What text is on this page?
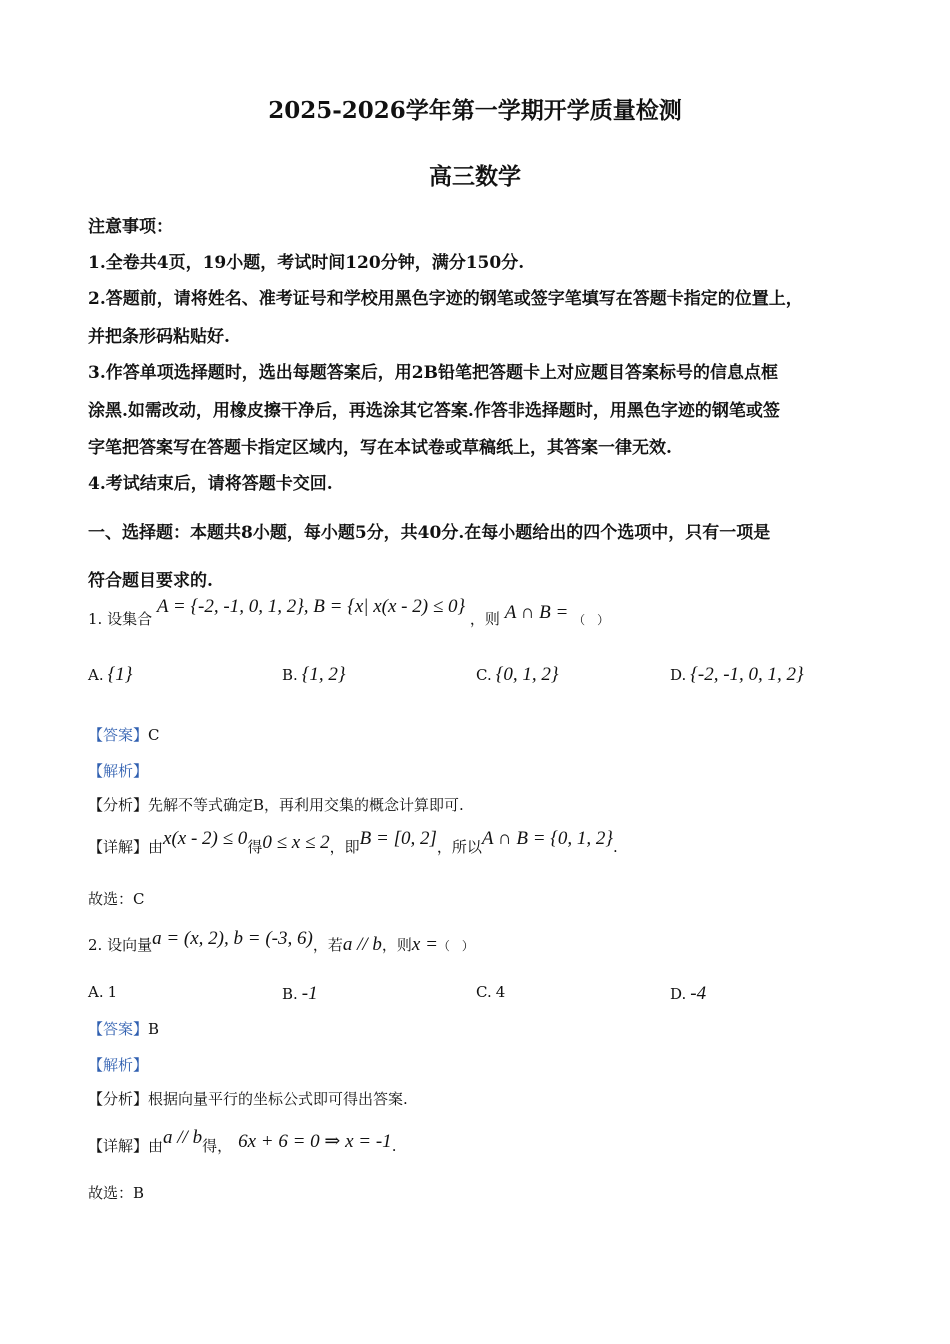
2025-2026学年第一学期开学质量检测
高三数学
注意事项：
1.全卷共4页，19小题，考试时间120分钟，满分150分.
2.答题前，请将姓名、准考证号和学校用黑色字迹的钢笔或签字笔填写在答题卡指定的位置上，
并把条形码粘贴好.
3.作答单项选择题时，选出每题答案后，用2B铅笔把答题卡上对应题目答案标号的信息点框
涂黑.如需改动，用橡皮擦干净后，再选涂其它答案.作答非选择题时，用黑色字迹的钢笔或签
字笔把答案写在答题卡指定区域内，写在本试卷或草稿纸上，其答案一律无效.
4.考试结束后，请将答题卡交回.
一、选择题：本题共8小题，每小题5分，共40分.在每小题给出的四个选项中，只有一项是
符合题目要求的.
1. 设集合 A = {-2, -1, 0, 1, 2}, B = {x| x(x - 2) ≤ 0} ，则 A ∩ B = （　）
A. {1}	B. {1, 2}	C. {0, 1, 2}	D. {-2, -1, 0, 1, 2}
【答案】C
【解析】
【分析】先解不等式确定B，再利用交集的概念计算即可.
【详解】由x(x - 2) ≤ 0得0 ≤ x ≤ 2，即B = [0, 2]，所以A ∩ B = {0, 1, 2}.
故选：C
2. 设向量a = (x, 2), b = (-3, 6)，若a // b，则x =（　）
A. 1	B. -1	C. 4	D. -4
【答案】B
【解析】
【分析】根据向量平行的坐标公式即可得出答案.
【详解】由a // b得， 6x + 6 = 0 ⇒ x = -1.
故选：B
